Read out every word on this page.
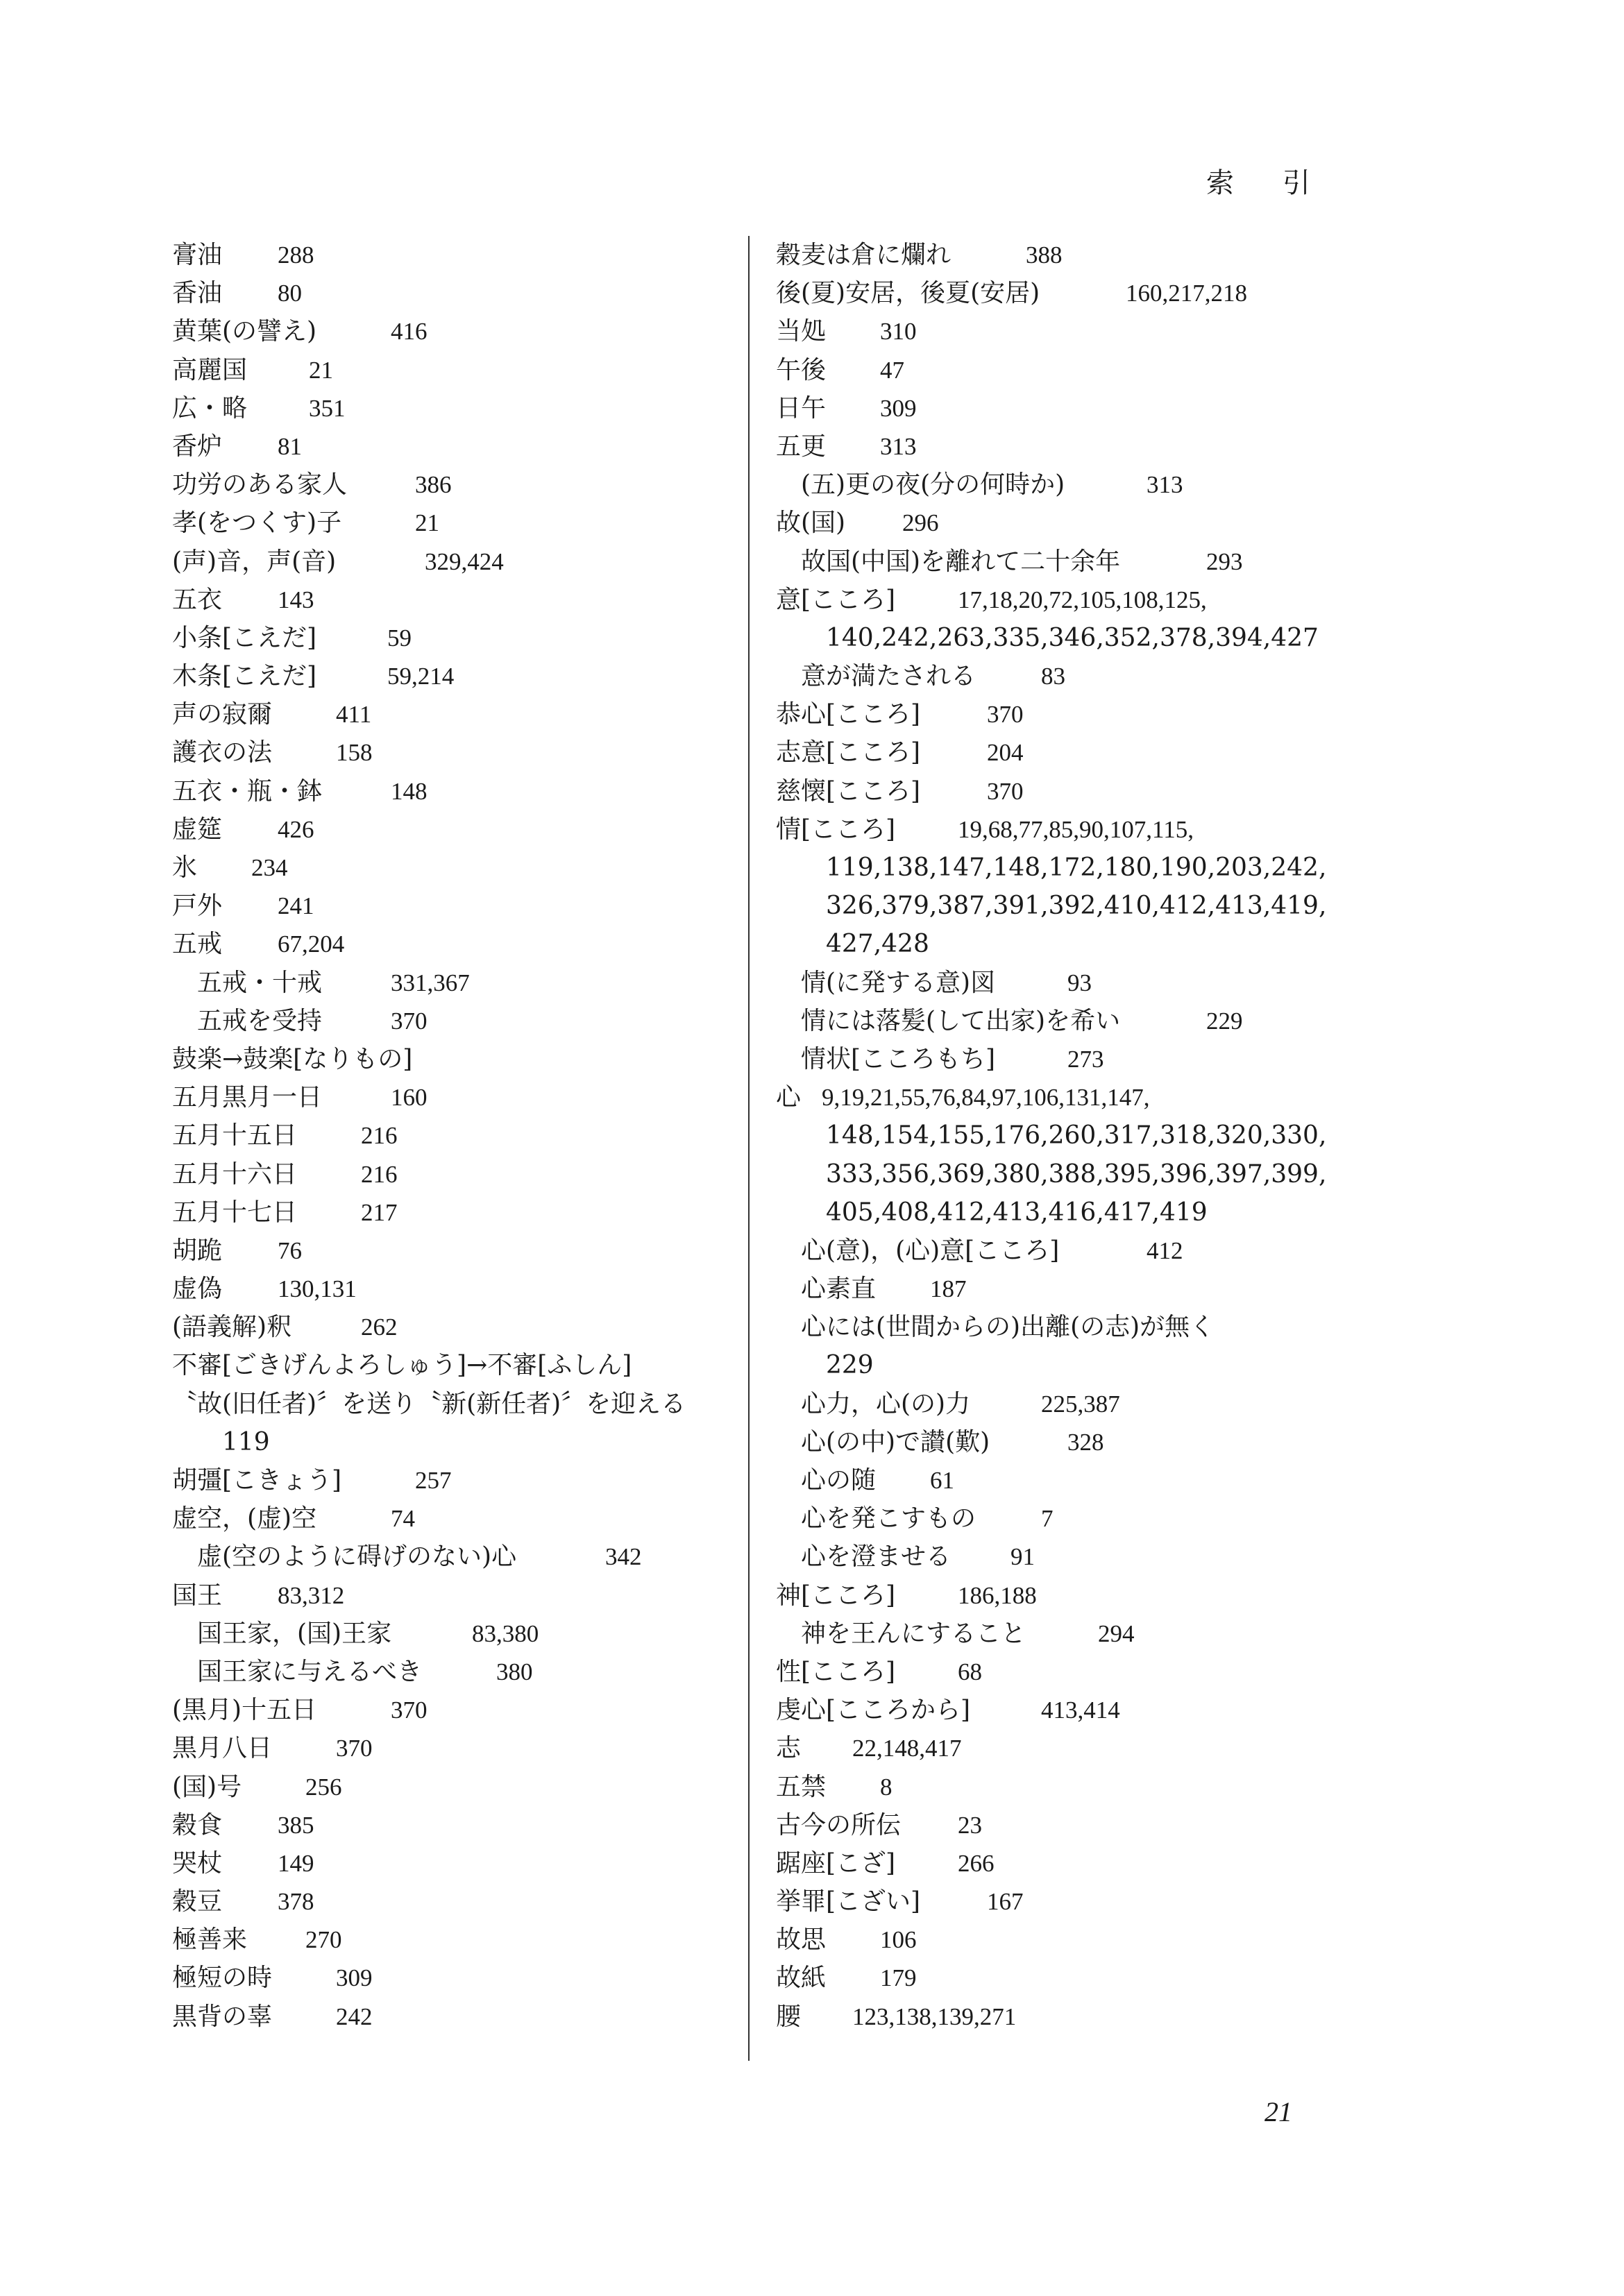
索 引
膏油 288
香油 80
黄葉(の譬え)	416
高麗国	21
広・略	351
香炉 81
功労のある家人	386
孝(をつくす)子	21
(声)音，声(音)	329,424
五衣 143
小条[こえだ]	59
木条[こえだ]	59,214
声の寂爾	411
護衣の法	158
五衣・瓶・鉢	148
虚筵 426
氷 234
戸外 241
五戒 67,204
五戒・十戒	331,367
五戒を受持	370
鼓楽→鼓楽[なりもの]
五月黒月一日	160
五月十五日	216
五月十六日	216
五月十七日	217
胡跪 76
虚偽 130,131
(語義解)釈	262
不審[ごきげんよろしゅう]→不審[ふしん]
〝故(旧任者)〞を送り〝新(新任者)〞を迎える
119
胡彊[こきょう]	257
虚空，(虚)空	74
虚(空のように碍げのない)心	342
国王 83,312
国王家，(国)王家	83,380
国王家に与えるべき	380
(黒月)十五日	370
黒月八日	370
(国)号	256
穀食 385
哭杖 149
穀豆 378
極善来 270
極短の時	309
黒背の辜	242
穀麦は倉に爛れ	388
後(夏)安居，後夏(安居)	160,217,218
当処 310
午後 47
日午 309
五更 313
(五)更の夜(分の何時か)	313
故(国) 296
故国(中国)を離れて二十余年	293
意[こころ]	17,18,20,72,105,108,125,
140,242,263,335,346,352,378,394,427
意が満たされる	83
恭心[こころ]	370
志意[こころ]	204
慈懐[こころ]	370
情[こころ]	19,68,77,85,90,107,115,
119,138,147,148,172,180,190,203,242,
326,379,387,391,392,410,412,413,419,
427,428
情(に発する意)図	93
情には落髪(して出家)を希い	229
情状[こころもち]	273
心 9,19,21,55,76,84,97,106,131,147,
148,154,155,176,260,317,318,320,330,
333,356,369,380,388,395,396,397,399,
405,408,412,413,416,417,419
心(意)，(心)意[こころ]	412
心素直 187
心には(世間からの)出離(の志)が無く
229
心力，心(の)力	225,387
心(の中)で讃(歎)	328
心の随 61
心を発こすもの	7
心を澄ませる 91
神[こころ]	186,188
神を王んにすること	294
性[こころ]	68
虔心[こころから]	413,414
志 22,148,417
五禁 8
古今の所伝 23
踞座[こざ]	266
挙罪[こざい]	167
故思 106
故紙 179
腰 123,138,139,271
21
